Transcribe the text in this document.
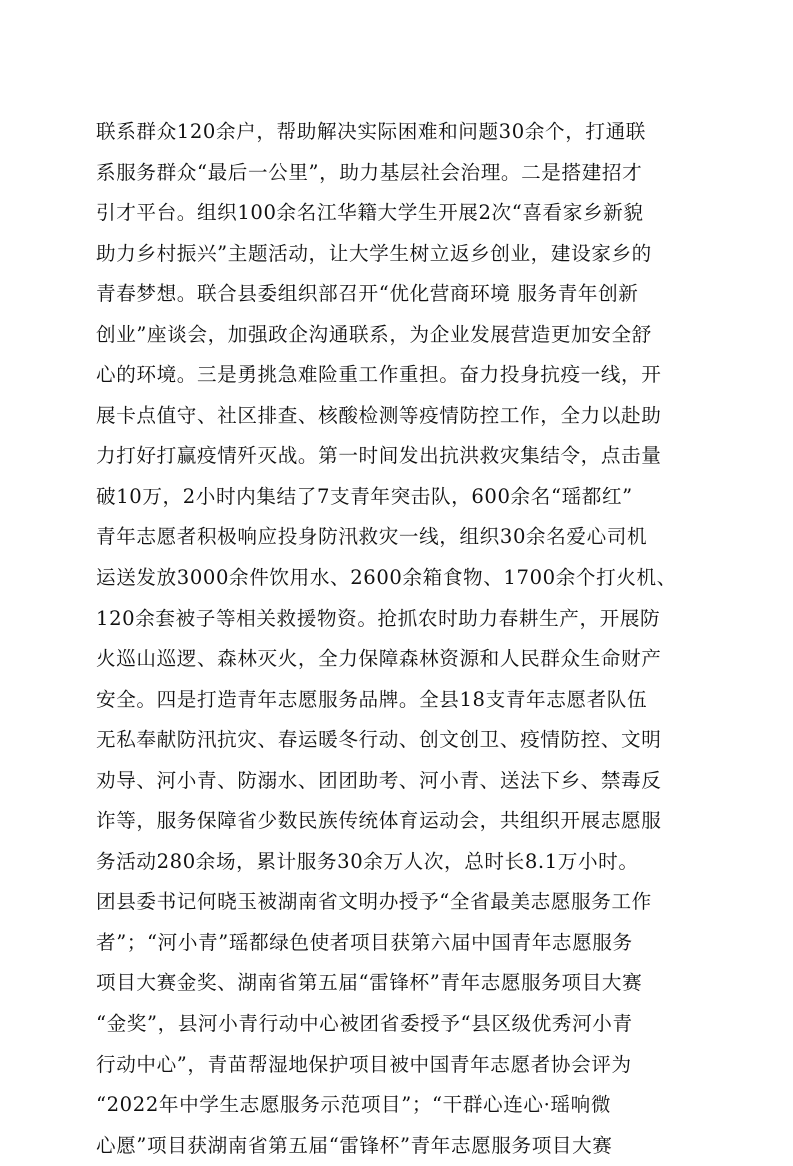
联系群众120余户，帮助解决实际困难和问题30余个，打通联
系服务群众“最后一公里”，助力基层社会治理。二是搭建招才
引才平台。组织100余名江华籍大学生开展2次“喜看家乡新貌
助力乡村振兴”主题活动，让大学生树立返乡创业，建设家乡的
青春梦想。联合县委组织部召开“优化营商环境 服务青年创新
创业”座谈会，加强政企沟通联系，为企业发展营造更加安全舒
心的环境。三是勇挑急难险重工作重担。奋力投身抗疫一线，开
展卡点值守、社区排查、核酸检测等疫情防控工作，全力以赴助
力打好打赢疫情歼灭战。第一时间发出抗洪救灾集结令，点击量
破10万，2小时内集结了7支青年突击队，600余名“瑶都红”
青年志愿者积极响应投身防汛救灾一线，组织30余名爱心司机
运送发放3000余件饮用水、2600余箱食物、1700余个打火机、
120余套被子等相关救援物资。抢抓农时助力春耕生产，开展防
火巡山巡逻、森林灭火，全力保障森林资源和人民群众生命财产
安全。四是打造青年志愿服务品牌。全县18支青年志愿者队伍
无私奉献防汛抗灾、春运暖冬行动、创文创卫、疫情防控、文明
劝导、河小青、防溺水、团团助考、河小青、送法下乡、禁毒反
诈等，服务保障省少数民族传统体育运动会，共组织开展志愿服
务活动280余场，累计服务30余万人次，总时长8.1万小时。
团县委书记何晓玉被湖南省文明办授予“全省最美志愿服务工作
者”；“河小青”瑶都绿色使者项目获第六届中国青年志愿服务
项目大赛金奖、湖南省第五届“雷锋杯”青年志愿服务项目大赛
“金奖”，县河小青行动中心被团省委授予“县区级优秀河小青
行动中心”，青苗帮湿地保护项目被中国青年志愿者协会评为
“2022年中学生志愿服务示范项目”；“干群心连心·瑶响微
心愿”项目获湖南省第五届“雷锋杯”青年志愿服务项目大赛
